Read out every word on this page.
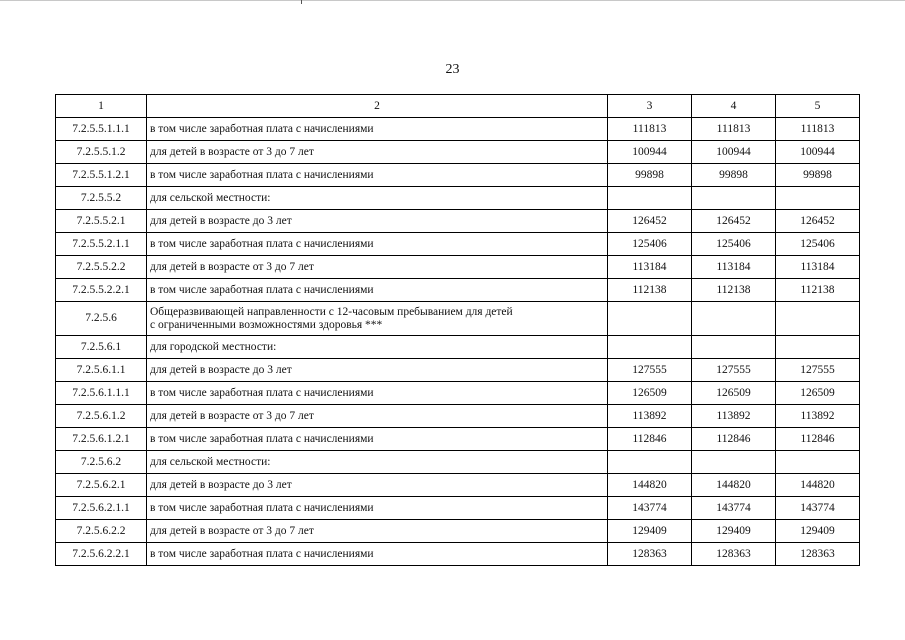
23
1	2	3	4	5
7.2.5.5.1.1.1	в том числе заработная плата с начислениями	111813	111813	111813
7.2.5.5.1.2	для детей в возрасте от 3 до 7 лет	100944	100944	100944
7.2.5.5.1.2.1	в том числе заработная плата с начислениями	99898	99898	99898
7.2.5.5.2	для сельской местности:			

7.2.5.5.2.1	для детей в возрасте до 3 лет	126452	126452	126452
7.2.5.5.2.1.1	в том числе заработная плата с начислениями	125406	125406	125406
7.2.5.5.2.2	для детей в возрасте от 3 до 7 лет	113184	113184	113184
7.2.5.5.2.2.1	в том числе заработная плата с начислениями	112138	112138	112138
7.2.5.6	Общеразвивающей направленности с 12-часовым пребыванием для детей
с ограниченными возможностями здоровья ***			

7.2.5.6.1	для городской местности:			

7.2.5.6.1.1	для детей в возрасте до 3 лет	127555	127555	127555
7.2.5.6.1.1.1	в том числе заработная плата с начислениями	126509	126509	126509
7.2.5.6.1.2	для детей в возрасте от 3 до 7 лет	113892	113892	113892
7.2.5.6.1.2.1	в том числе заработная плата с начислениями	112846	112846	112846
7.2.5.6.2	для сельской местности:			

7.2.5.6.2.1	для детей в возрасте до 3 лет	144820	144820	144820
7.2.5.6.2.1.1	в том числе заработная плата с начислениями	143774	143774	143774
7.2.5.6.2.2	для детей в возрасте от 3 до 7 лет	129409	129409	129409
7.2.5.6.2.2.1	в том числе заработная плата с начислениями	128363	128363	128363
